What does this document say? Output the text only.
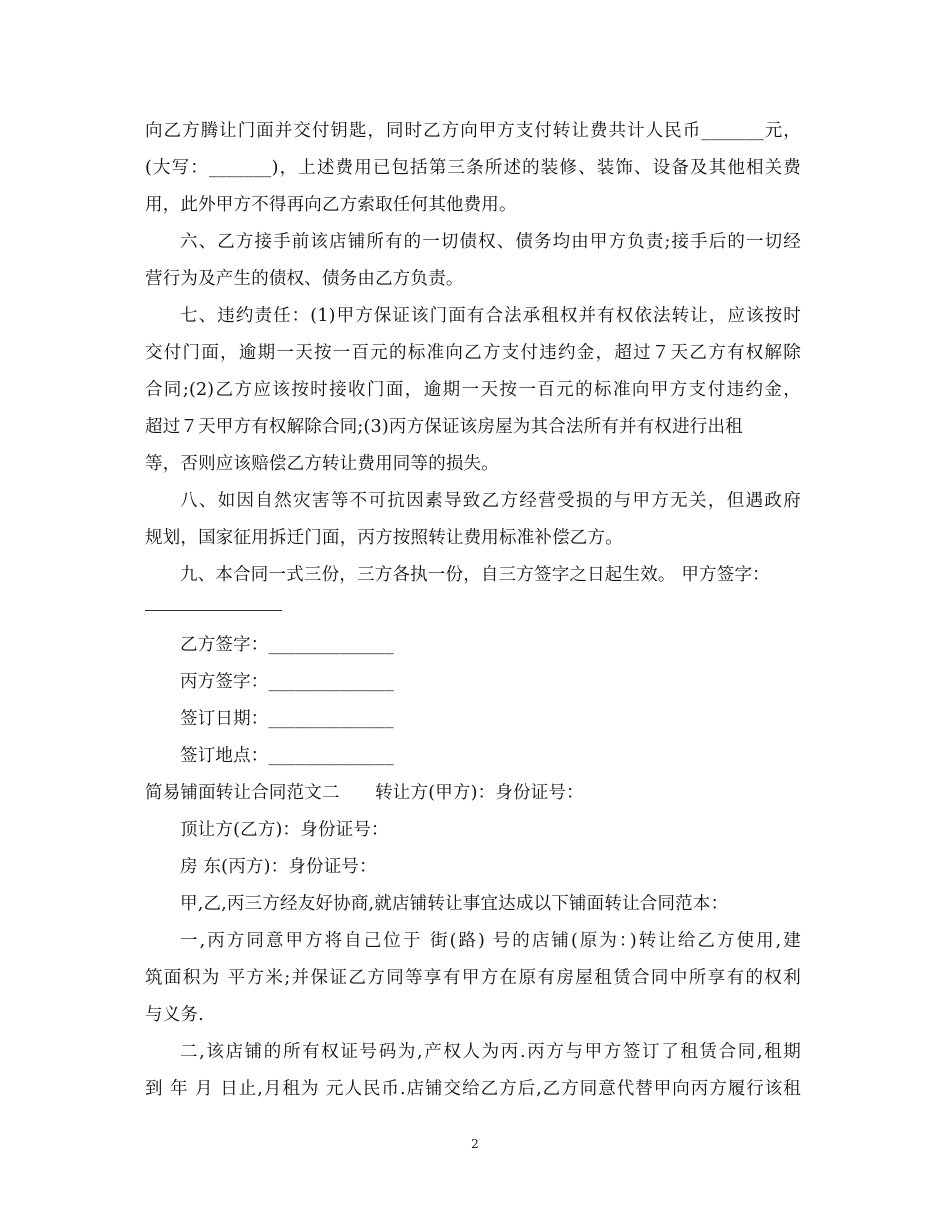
向乙方腾让门面并交付钥匙，同时乙方向甲方支付转让费共计人民币_______元，
(大写：_______)，上述费用已包括第三条所述的装修、装饰、设备及其他相关费
用，此外甲方不得再向乙方索取任何其他费用。
六、乙方接手前该店铺所有的一切债权、债务均由甲方负责;接手后的一切经
营行为及产生的债权、债务由乙方负责。
七、违约责任：(1)甲方保证该门面有合法承租权并有权依法转让，应该按时
交付门面，逾期一天按一百元的标准向乙方支付违约金，超过７天乙方有权解除
合同;(2)乙方应该按时接收门面，逾期一天按一百元的标准向甲方支付违约金，
超过７天甲方有权解除合同;(3)丙方保证该房屋为其合法所有并有权进行出租
等，否则应该赔偿乙方转让费用同等的损失。
八、如因自然灾害等不可抗因素导致乙方经营受损的与甲方无关，但遇政府
规划，国家征用拆迁门面，丙方按照转让费用标准补偿乙方。
九、本合同一式三份，三方各执一份，自三方签字之日起生效。 甲方签字：
乙方签字：______________
丙方签字：______________
签订日期：______________
签订地点：______________
简易铺面转让合同范文二　　转让方(甲方)：身份证号：
顶让方(乙方)：身份证号：
房 东(丙方)：身份证号：
甲,乙,丙三方经友好协商,就店铺转让事宜达成以下铺面转让合同范本：
一,丙方同意甲方将自己位于 街(路) 号的店铺(原为：)转让给乙方使用,建
筑面积为 平方米;并保证乙方同等享有甲方在原有房屋租赁合同中所享有的权利
与义务.
二,该店铺的所有权证号码为,产权人为丙.丙方与甲方签订了租赁合同,租期
到 年 月 日止,月租为 元人民币.店铺交给乙方后,乙方同意代替甲向丙方履行该租
2
